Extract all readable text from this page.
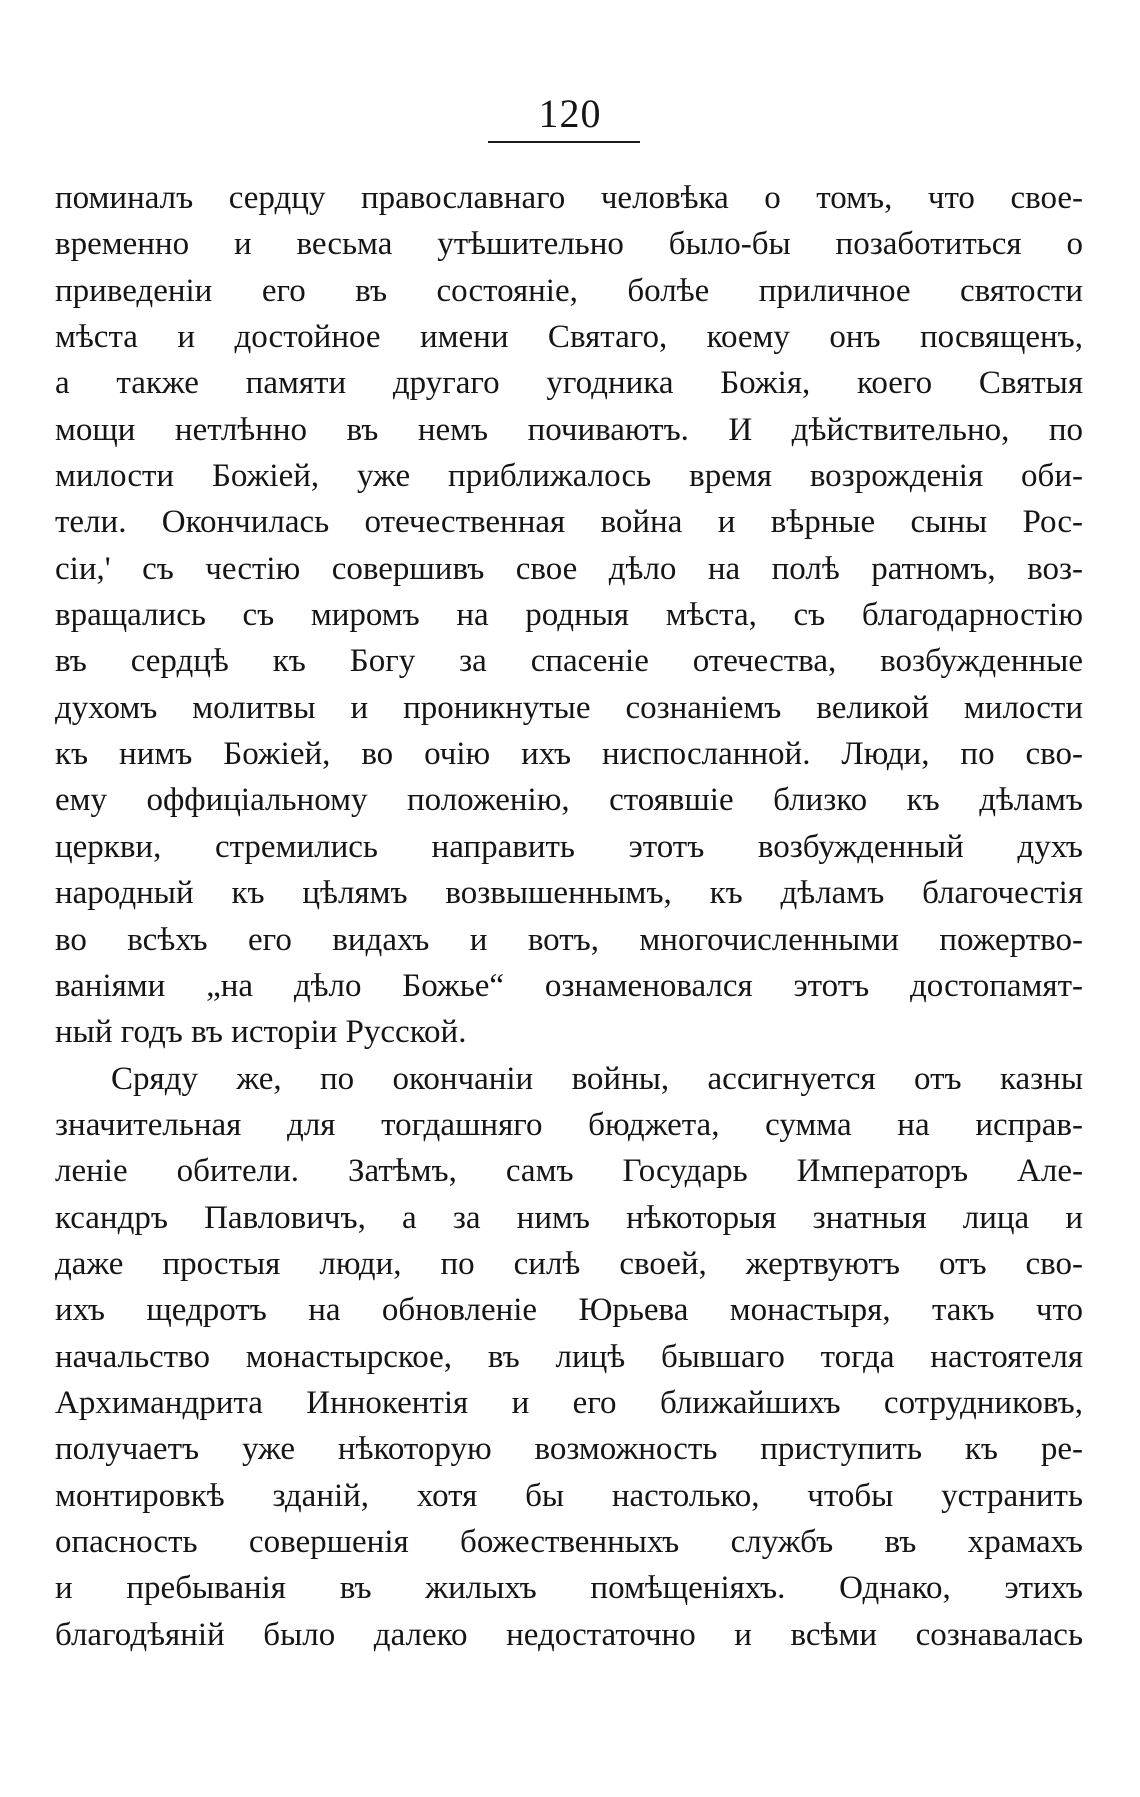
120
поминалъ сердцу православнаго человѣка о томъ, что свое-
временно и весьма утѣшительно было-бы позаботиться о
приведеніи его въ состояніе, болѣе приличное святости
мѣста и достойное имени Святаго, коему онъ посвященъ,
а также памяти другаго угодника Божія, коего Святыя
мощи нетлѣнно въ немъ почиваютъ. И дѣйствительно, по
милости Божіей, уже приближалось время возрожденія оби-
тели. Окончилась отечественная война и вѣрные сыны Рос-
сіи,' съ честію совершивъ свое дѣло на полѣ ратномъ, воз-
вращались съ миромъ на родныя мѣста, съ благодарностію
въ сердцѣ къ Богу за спасеніе отечества, возбужденные
духомъ молитвы и проникнутые сознаніемъ великой милости
къ нимъ Божіей, во очію ихъ ниспосланной. Люди, по сво-
ему оффиціальному положенію, стоявшіе близко къ дѣламъ
церкви, стремились направить этотъ возбужденный духъ
народный къ цѣлямъ возвышеннымъ, къ дѣламъ благочестія
во всѣхъ его видахъ и вотъ, многочисленными пожертво-
ваніями „на дѣло Божье“ ознаменовался этотъ достопамят-
ный годъ въ исторіи Русской.
Сряду же, по окончаніи войны, ассигнуется отъ казны
значительная для тогдашняго бюджета, сумма на исправ-
леніе обители. Затѣмъ, самъ Государь Императоръ Але-
ксандръ Павловичъ, а за нимъ нѣкоторыя знатныя лица и
даже простыя люди, по силѣ своей, жертвуютъ отъ сво-
ихъ щедротъ на обновленіе Юрьева монастыря, такъ что
начальство монастырское, въ лицѣ бывшаго тогда настоятеля
Архимандрита Иннокентія и его ближайшихъ сотрудниковъ,
получаетъ уже нѣкоторую возможность приступить къ ре-
монтировкѣ зданій, хотя бы настолько, чтобы устранить
опасность совершенія божественныхъ службъ въ храмахъ
и пребыванія въ жилыхъ помѣщеніяхъ. Однако, этихъ
благодѣяній было далеко недостаточно и всѣми сознавалась
